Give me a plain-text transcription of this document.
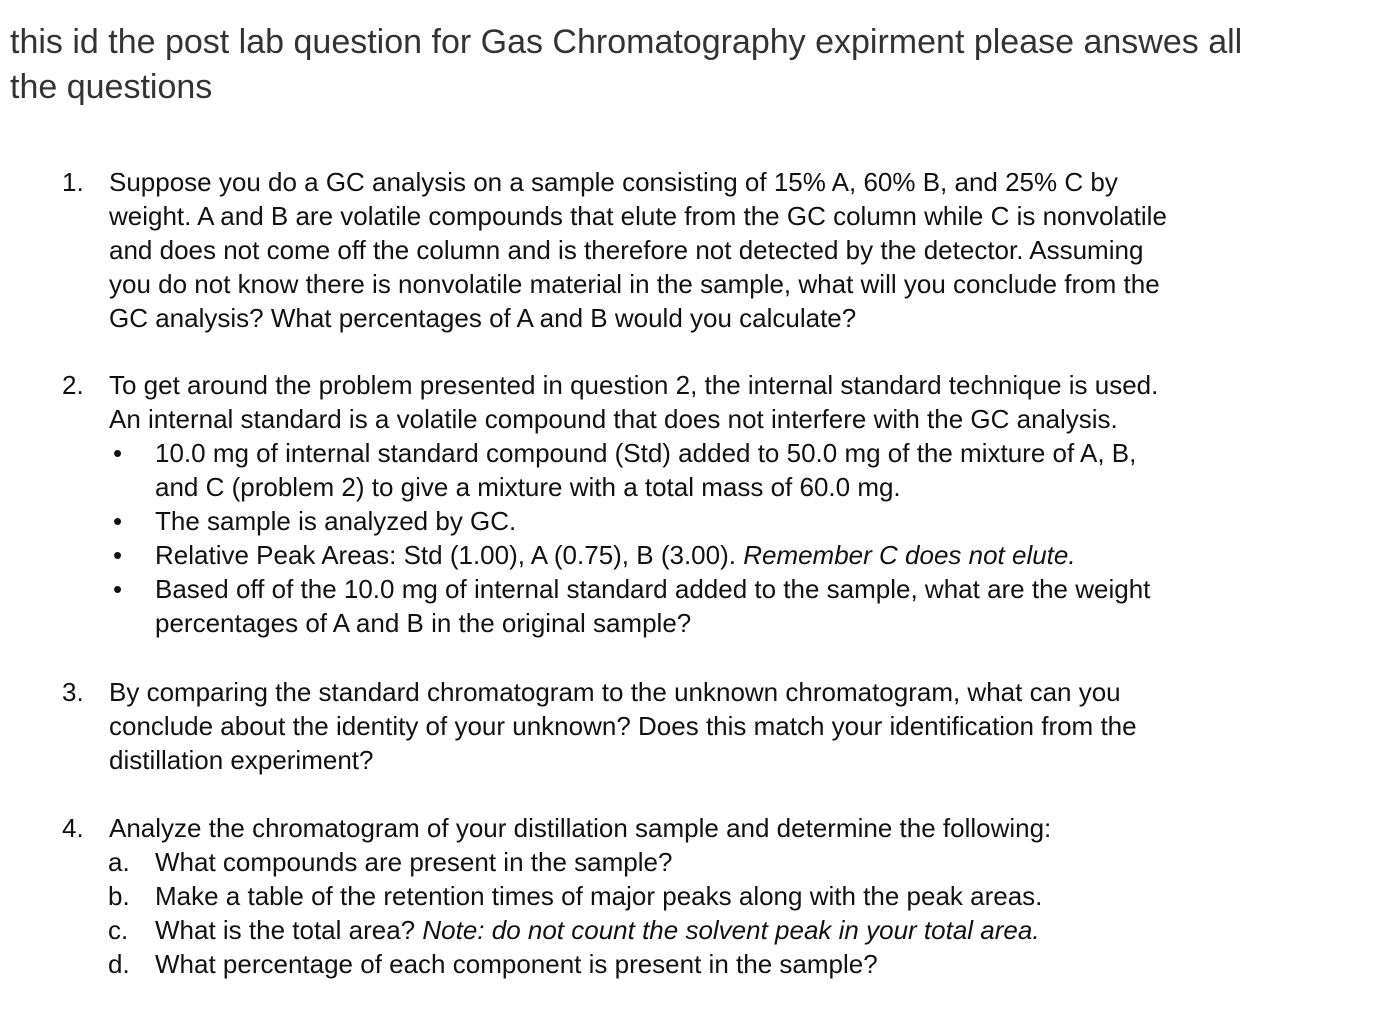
this id the post lab question for Gas Chromatography expirment please answes all
the questions
1. Suppose you do a GC analysis on a sample consisting of 15% A, 60% B, and 25% C by
weight. A and B are volatile compounds that elute from the GC column while C is nonvolatile
and does not come off the column and is therefore not detected by the detector. Assuming
you do not know there is nonvolatile material in the sample, what will you conclude from the
GC analysis? What percentages of A and B would you calculate?
2. To get around the problem presented in question 2, the internal standard technique is used.
An internal standard is a volatile compound that does not interfere with the GC analysis.
• 10.0 mg of internal standard compound (Std) added to 50.0 mg of the mixture of A, B,
and C (problem 2) to give a mixture with a total mass of 60.0 mg.
• The sample is analyzed by GC.
• Relative Peak Areas: Std (1.00), A (0.75), B (3.00). Remember C does not elute.
• Based off of the 10.0 mg of internal standard added to the sample, what are the weight
percentages of A and B in the original sample?
3. By comparing the standard chromatogram to the unknown chromatogram, what can you
conclude about the identity of your unknown? Does this match your identification from the
distillation experiment?
4. Analyze the chromatogram of your distillation sample and determine the following:
a. What compounds are present in the sample?
b. Make a table of the retention times of major peaks along with the peak areas.
c. What is the total area? Note: do not count the solvent peak in your total area.
d. What percentage of each component is present in the sample?
